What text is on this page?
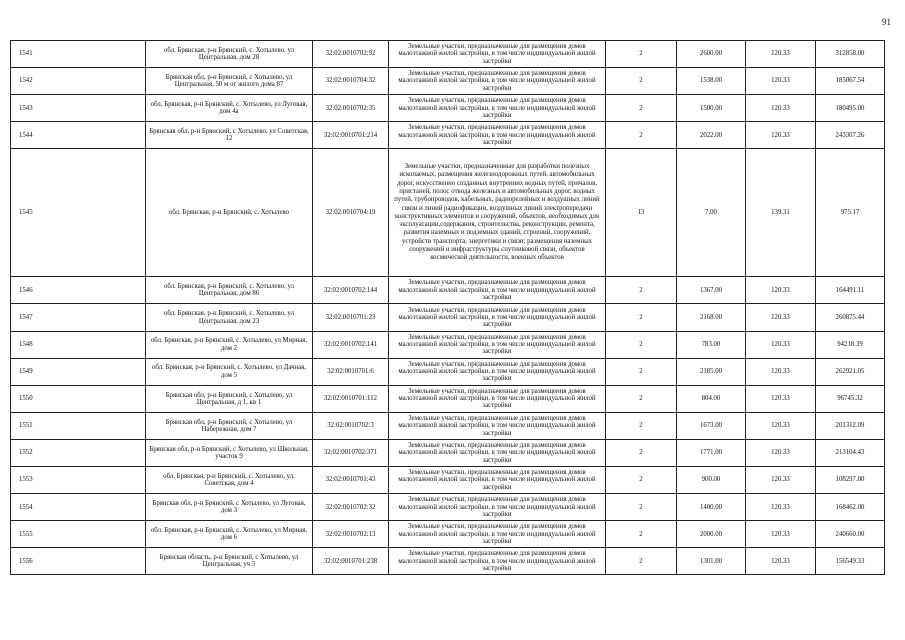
91
1541	обл. Брянская, р-н Брянский, с. Хотылево, ул Центральная, дом 28	32:02:0010702:92	Земельные участки, предназначенные для размещения домов малоэтажной жилой застройки, в том числе индивидуальной жилой застройки	2	2600.00	120.33	312858.00
1542	Брянская обл, р-н Брянский, с Хотылево, ул Центральная, 50 м от жилого дома 87	32:02:0010704:32	Земельные участки, предназначенные для размещения домов малоэтажной жилой застройки, в том числе индивидуальной жилой застройки	2	1538.00	120.33	185067.54
1543	обл. Брянская, р-н Брянский, с. Хотылево, ул Луговая, дом 4а	32:02:0010702:35	Земельные участки, предназначенные для размещения домов малоэтажной жилой застройки, в том числе индивидуальной жилой застройки	2	1500.00	120.33	180495.00
1544	Брянская обл, р-н Брянский, с Хотылево, ул Советская, 12	32:02:0010701:214	Земельные участки, предназначенные для размещения домов малоэтажной жилой застройки, в том числе индивидуальной жилой застройки	2	2022.00	120.33	243307.26
1545	обл. Брянская, р-н Брянский, с. Хотылево	32:02:0010704:19	Земельные участки, предназначенные для разработки полезных ископаемых, размещения железнодорожных путей, автомобильных дорог, искусственно созданных внутренних водных путей, причалов, пристаней, полос отвода железных и автомобильных дорог, водных путей, трубопроводов, кабельных, радиорелейных и воздушных линий связи и линий радиофикации, воздушных линий электропередачи конструктивных элементов и сооружений, объектов, необходимых для эксплуатации,содержания, строительства, реконструкции, ремонта, развития наземных и подземных зданий, строений, сооружений, устройств транспорта, энергетики и связи; размещения наземных сооружений и инфраструктуры спутниковой связи, объектов космической деятельности, военных объектов	13	7.00	139.31	975.17
1546	обл. Брянская, р-н Брянский, с. Хотылево, ул Центральная, дом 86	32:02:0010702:144	Земельные участки, предназначенные для размещения домов малоэтажной жилой застройки, в том числе индивидуальной жилой застройки	2	1367.00	120.33	164491.11
1547	обл. Брянская, р-н Брянский, с. Хотылево, ул Центральная, дом 23	32:02:0010701:23	Земельные участки, предназначенные для размещения домов малоэтажной жилой застройки, в том числе индивидуальной жилой застройки	2	2168.00	120.33	260875.44
1548	обл. Брянская, р-н Брянский, с. Хотылево, ул Мирная, дом 2	32:02:0010702:141	Земельные участки, предназначенные для размещения домов малоэтажной жилой застройки, в том числе индивидуальной жилой застройки	2	783.00	120.33	94218.39
1549	обл. Брянская, р-н Брянский, с. Хотылево, ул Дачная, дом 5	32:02:0010701:6	Земельные участки, предназначенные для размещения домов малоэтажной жилой застройки, в том числе индивидуальной жилой застройки	2	2185.00	120.33	262921.05
1550	Брянская обл, р-н Брянский, с Хотылево, ул Центральная, д 1, кв 1	32:02:0010701:112	Земельные участки, предназначенные для размещения домов малоэтажной жилой застройки, в том числе индивидуальной жилой застройки	2	804.00	120.33	96745.32
1551	Брянская обл, р-н Брянский, с Хотылево, ул Набережная, дом 7	32:02:0010702:3	Земельные участки, предназначенные для размещения домов малоэтажной жилой застройки, в том числе индивидуальной жилой застройки	2	1673.00	120.33	201312.09
1552	Брянская обл, р-н Брянский, с Хотылево, ул Школьная, участок 9	32:02:0010702:371	Земельные участки, предназначенные для размещения домов малоэтажной жилой застройки, в том числе индивидуальной жилой застройки	2	1771.00	120.33	213104.43
1553	обл. Брянская, р-н Брянский, с. Хотылево, ул. Советская, дом 4	32:02:0010701:43	Земельные участки, предназначенные для размещения домов малоэтажной жилой застройки, в том числе индивидуальной жилой застройки	2	900.00	120.33	108297.00
1554	Брянская обл, р-н Брянский, с Хотылево, ул Луговая, дом 3	32:02:0010702:32	Земельные участки, предназначенные для размещения домов малоэтажной жилой застройки, в том числе индивидуальной жилой застройки	2	1400.00	120.33	168462.00
1555	обл. Брянская, р-н Брянский, с. Хотылево, ул Мирная, дом 6	32:02:0010702:13	Земельные участки, предназначенные для размещения домов малоэтажной жилой застройки, в том числе индивидуальной жилой застройки	2	2000.00	120.33	240660.00
1556	Брянская область, р-н Брянский, с Хотылево, ул Центральная, уч 5	32:02:0010701:238	Земельные участки, предназначенные для размещения домов малоэтажной жилой застройки, в том числе индивидуальной жилой застройки	2	1301.00	120.33	156549.33
